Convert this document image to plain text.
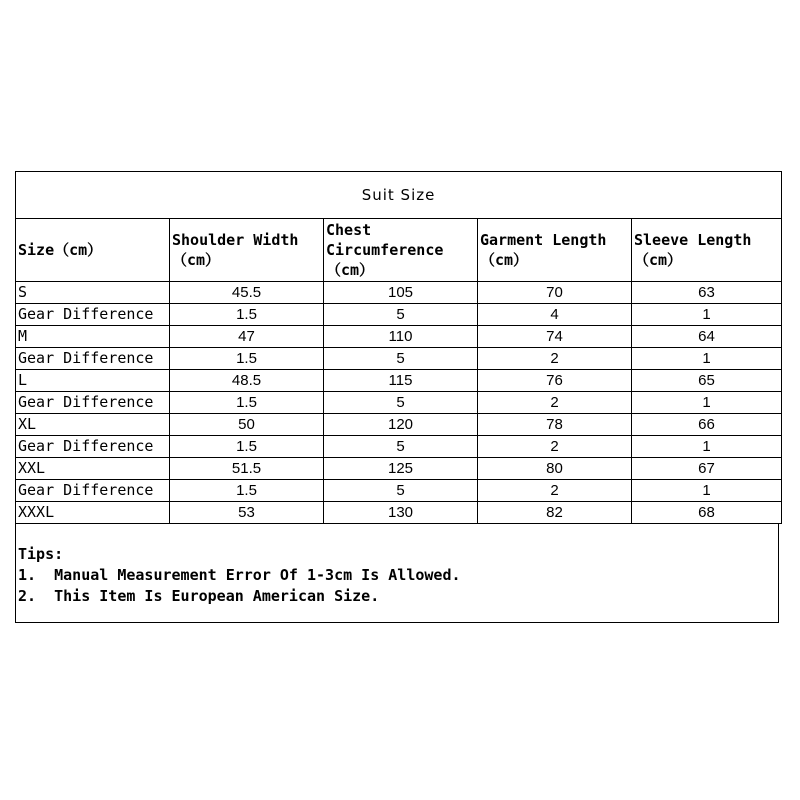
Suit Size				
Size（cm）	Shoulder Width（cm）	Chest Circumference （cm）	Garment Length（cm）	Sleeve Length （cm）
S	45.5	105	70	63
Gear Difference	1.5	5	4	1
M	47	110	74	64
Gear Difference	1.5	5	2	1
L	48.5	115	76	65
Gear Difference	1.5	5	2	1
XL	50	120	78	66
Gear Difference	1.5	5	2	1
XXL	51.5	125	80	67
Gear Difference	1.5	5	2	1
XXXL	53	130	82	68
Tips:
1.  Manual Measurement Error Of 1-3cm Is Allowed.
2.  This Item Is European American Size.
